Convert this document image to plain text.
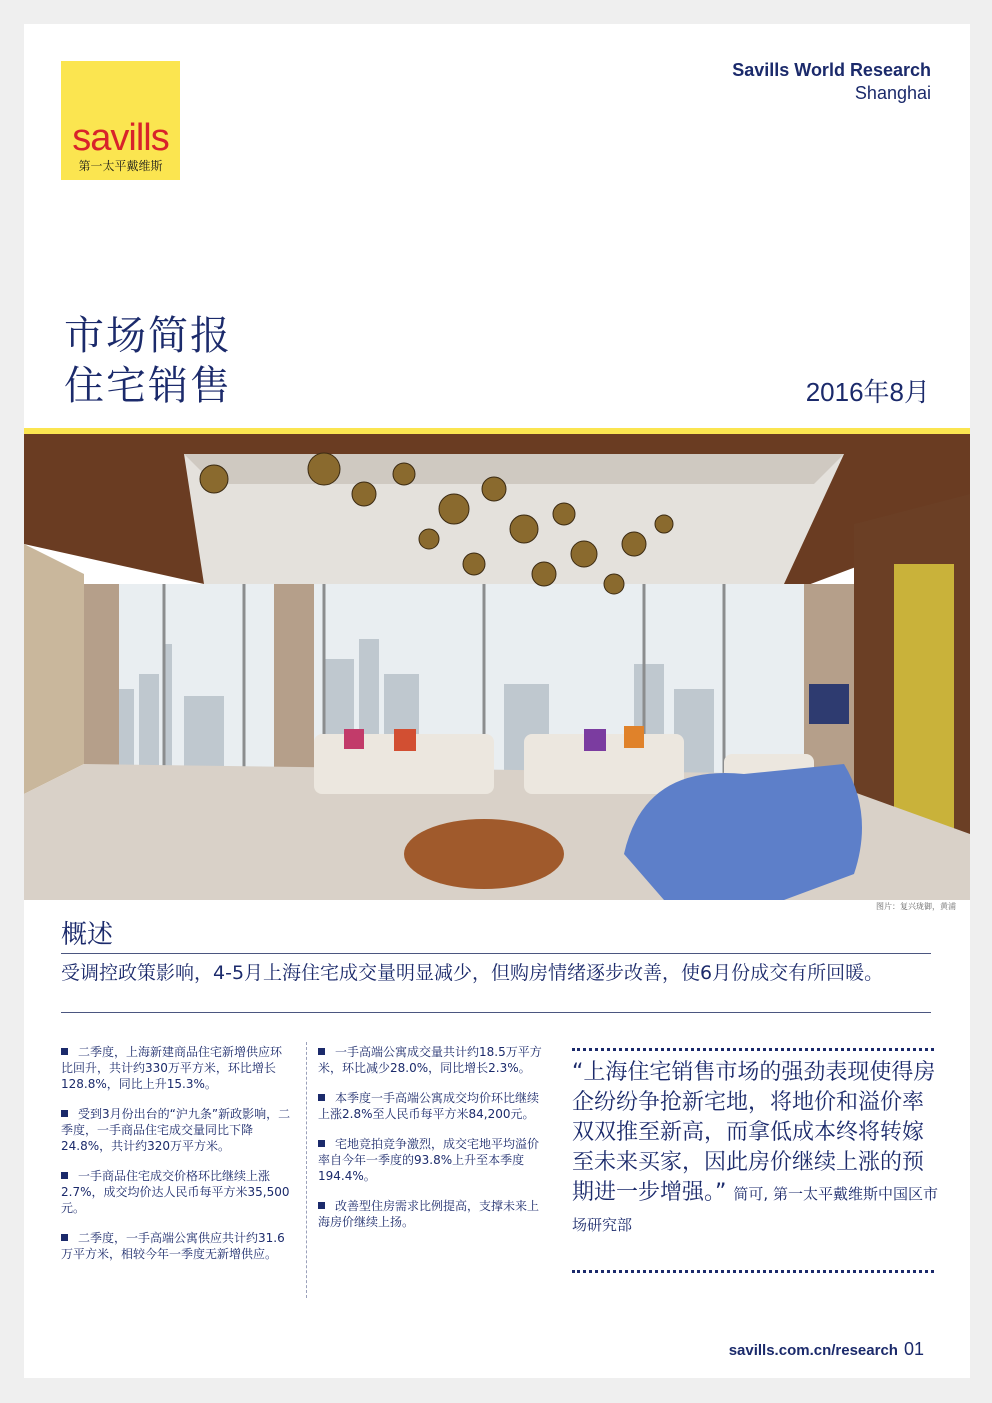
savills
第一太平戴维斯
Savills World Research
Shanghai
市场简报
住宅销售	2016年8月
图片：复兴珑御，黄浦
概述
受调控政策影响，4-5月上海住宅成交量明显减少，但购房情绪逐步改善，使6月份成交有所回暖。
二季度，上海新建商品住宅新增供应环比回升，共计约330万平方米，环比增长128.8%，同比上升15.3%。
受到3月份出台的“沪九条”新政影响，二季度，一手商品住宅成交量同比下降24.8%，共计约320万平方米。
一手商品住宅成交价格环比继续上涨2.7%，成交均价达人民币每平方米35,500元。
二季度，一手高端公寓供应共计约31.6万平方米，相较今年一季度无新增供应。
一手高端公寓成交量共计约18.5万平方米，环比减少28.0%，同比增长2.3%。
本季度一手高端公寓成交均价环比继续上涨2.8%至人民币每平方米84,200元。
宅地竞拍竞争激烈，成交宅地平均溢价率自今年一季度的93.8%上升至本季度194.4%。
改善型住房需求比例提高，支撑未来上海房价继续上扬。
“上海住宅销售市场的强劲表现使得房企纷纷争抢新宅地，将地价和溢价率双双推至新高，而拿低成本终将转嫁至未来买家，因此房价继续上涨的预期进一步增强。” 简可, 第一太平戴维斯中国区市场研究部
savills.com.cn/research 01
